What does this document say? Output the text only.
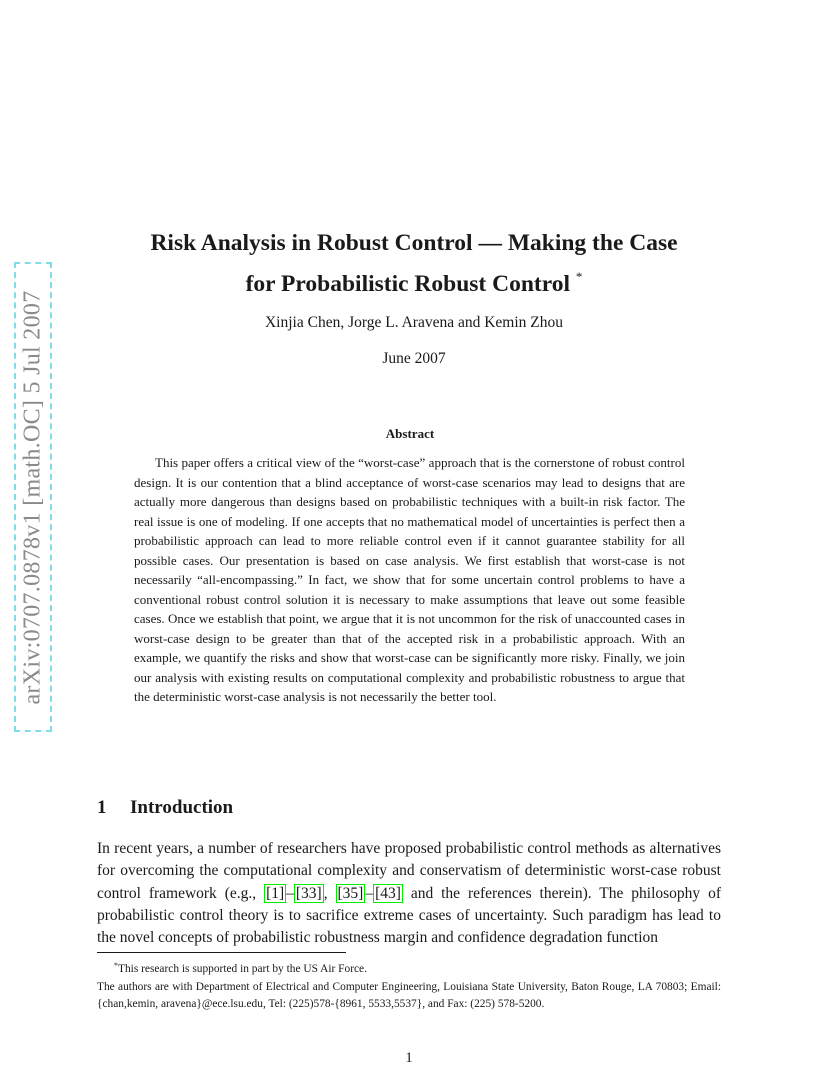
arXiv:0707.0878v1 [math.OC] 5 Jul 2007
Risk Analysis in Robust Control — Making the Case
for Probabilistic Robust Control *
Xinjia Chen, Jorge L. Aravena and Kemin Zhou
June 2007
Abstract

This paper offers a critical view of the “worst-case” approach that is the cornerstone of robust control design. It is our contention that a blind acceptance of worst-case scenarios may lead to designs that are actually more dangerous than designs based on probabilistic techniques with a built-in risk factor. The real issue is one of modeling. If one accepts that no mathematical model of uncertainties is perfect then a probabilistic approach can lead to more reliable control even if it cannot guarantee stability for all possible cases. Our presentation is based on case analysis. We first establish that worst-case is not necessarily “all-encompassing.” In fact, we show that for some uncertain control problems to have a conventional robust control solution it is necessary to make assumptions that leave out some feasible cases. Once we establish that point, we argue that it is not uncommon for the risk of unaccounted cases in worst-case design to be greater than that of the accepted risk in a probabilistic approach. With an example, we quantify the risks and show that worst-case can be significantly more risky. Finally, we join our analysis with existing results on computational complexity and probabilistic robustness to argue that the deterministic worst-case analysis is not necessarily the better tool.

1 Introduction

In recent years, a number of researchers have proposed probabilistic control methods as alternatives for overcoming the computational complexity and conservatism of deterministic worst-case robust control framework (e.g., [1] – [33] , [35] – [43] and the references therein). The philosophy of probabilistic control theory is to sacrifice extreme cases of uncertainty. Such paradigm has lead to the novel concepts of probabilistic robustness margin and confidence degradation function

*This research is supported in part by the US Air Force.
The authors are with Department of Electrical and Computer Engineering, Louisiana State University, Baton Rouge, LA 70803; Email: {chan,kemin, aravena}@ece.lsu.edu, Tel: (225)578-{8961, 5533,5537}, and Fax: (225) 578-5200.
1
